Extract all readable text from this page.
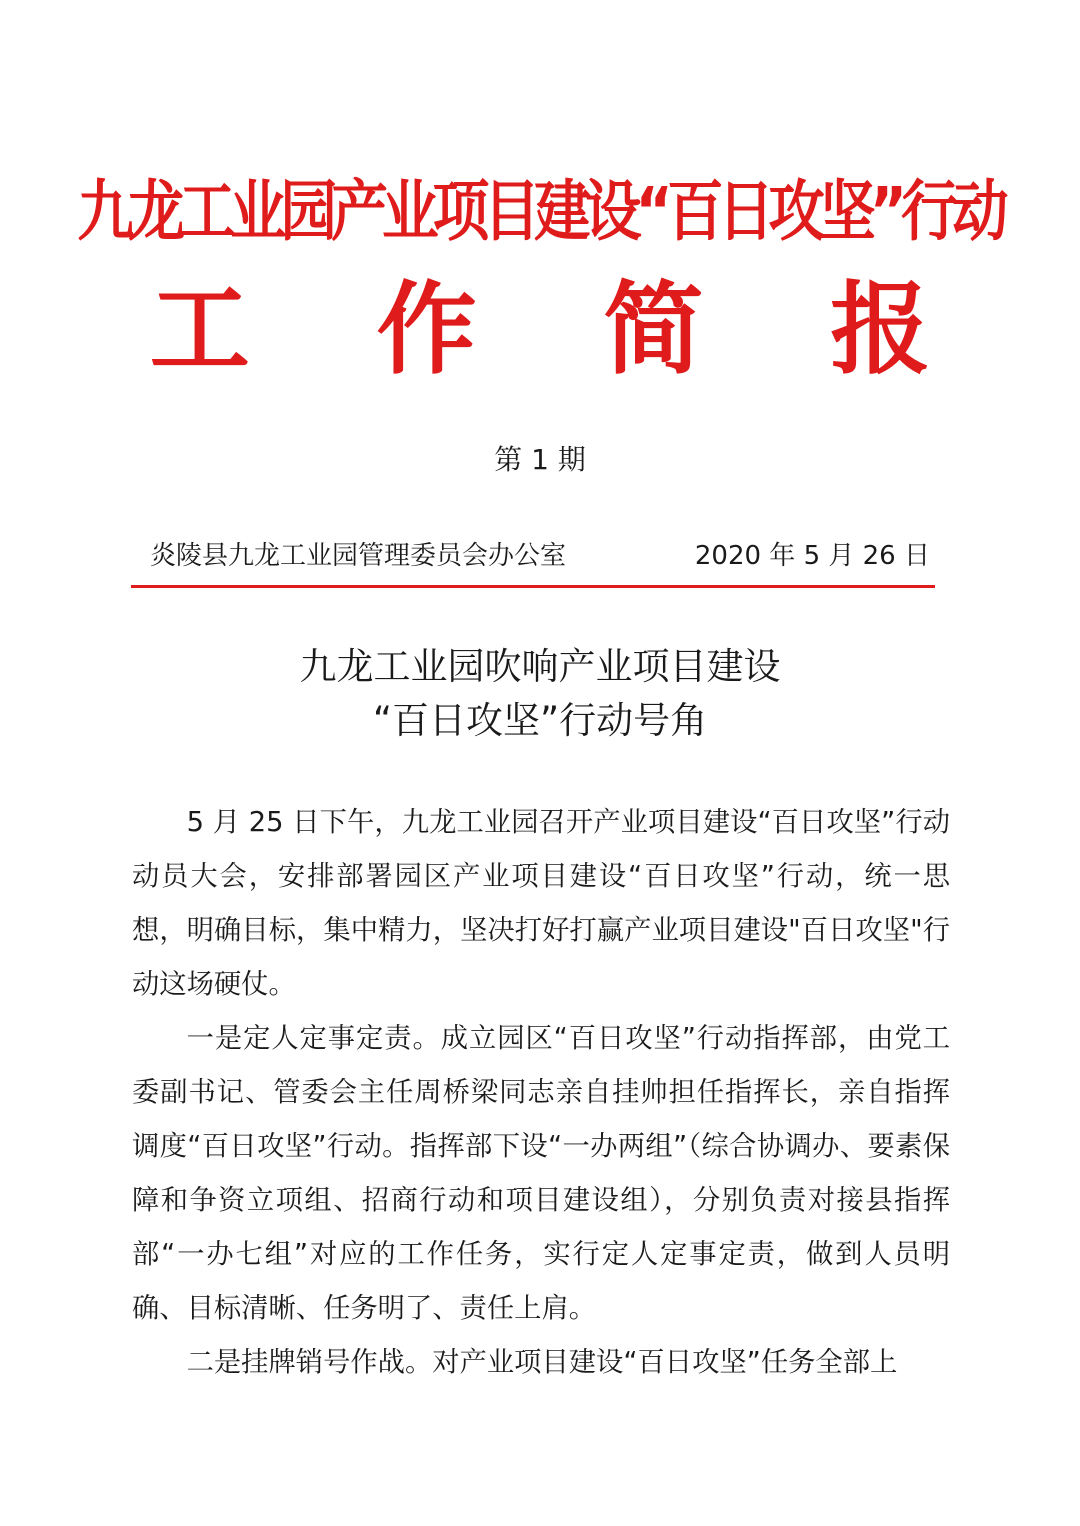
九龙工业园产业项目建设“百日攻坚”行动
工 作 简 报
第 1 期
炎陵县九龙工业园管理委员会办公室	2020 年 5 月 26 日
九龙工业园吹响产业项目建设
“百日攻坚”行动号角

5 月 25 日下午，九龙工业园召开产业项目建设“百日攻坚”行动动员大会，安排部署园区产业项目建设“百日攻坚”行动，统一思想，明确目标，集中精力，坚决打好打赢产业项目建设"百日攻坚"行动这场硬仗。

一是定人定事定责。成立园区“百日攻坚”行动指挥部，由党工委副书记、管委会主任周桥梁同志亲自挂帅担任指挥长，亲自指挥调度“百日攻坚”行动。指挥部下设“一办两组”（综合协调办、要素保障和争资立项组、招商行动和项目建设组），分别负责对接县指挥部“一办七组”对应的工作任务，实行定人定事定责，做到人员明确、目标清晰、任务明了、责任上肩。

二是挂牌销号作战。对产业项目建设“百日攻坚”任务全部上
